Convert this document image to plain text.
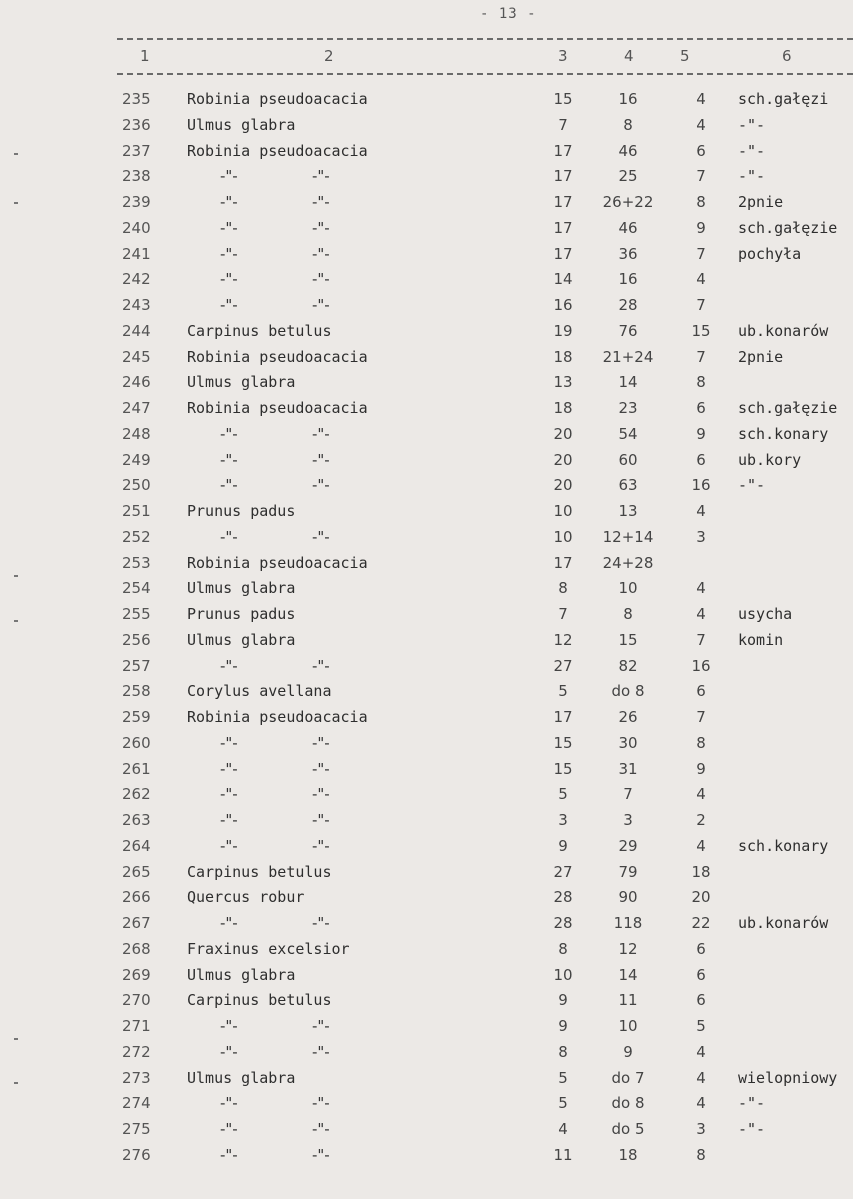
- 13 -
1	2	3	4	5	6
235 Robinia pseudoacacia	15	16	4	sch.gałęzi
236 Ulmus glabra	7	8	4	-"-
237 Robinia pseudoacacia	17	46	6	-"-
238	-"-	-"-	17	25	7	-"-
239	-"-	-"-	17	26+22	8	2pnie
240	-"-	-"-	17	46	9	sch.gałęzie
241	-"-	-"-	17	36	7	pochyła
242	-"-	-"-	14	16	4
243	-"-	-"-	16	28	7
244 Carpinus betulus	19	76	15	ub.konarów
245 Robinia pseudoacacia	18	21+24	7	2pnie
246 Ulmus glabra	13	14	8
247 Robinia pseudoacacia	18	23	6	sch.gałęzie
248	-"-	-"-	20	54	9	sch.konary
249	-"-	-"-	20	60	6	ub.kory
250	-"-	-"-	20	63	16	-"-
251 Prunus padus	10	13	4
252	-"-	-"-	10	12+14	3
253 Robinia pseudoacacia	17	24+28
254 Ulmus glabra	8	10	4
255 Prunus padus	7	8	4	usycha
256 Ulmus glabra	12	15	7	komin
257	-"-	-"-	27	82	16
258 Corylus avellana	5	do 8	6
259 Robinia pseudoacacia	17	26	7
260	-"-	-"-	15	30	8
261	-"-	-"-	15	31	9
262	-"-	-"-	5	7	4
263	-"-	-"-	3	3	2
264	-"-	-"-	9	29	4	sch.konary
265 Carpinus betulus	27	79	18
266 Quercus robur	28	90	20
267	-"-	-"-	28	118	22	ub.konarów
268 Fraxinus excelsior	8	12	6
269 Ulmus glabra	10	14	6
270 Carpinus betulus	9	11	6
271	-"-	-"-	9	10	5
272	-"-	-"-	8	9	4
273 Ulmus glabra	5	do 7	4	wielopniowy
274	-"-	-"-	5	do 8	4	-"-
275	-"-	-"-	4	do 5	3	-"-
276	-"-	-"-	11	18	8
